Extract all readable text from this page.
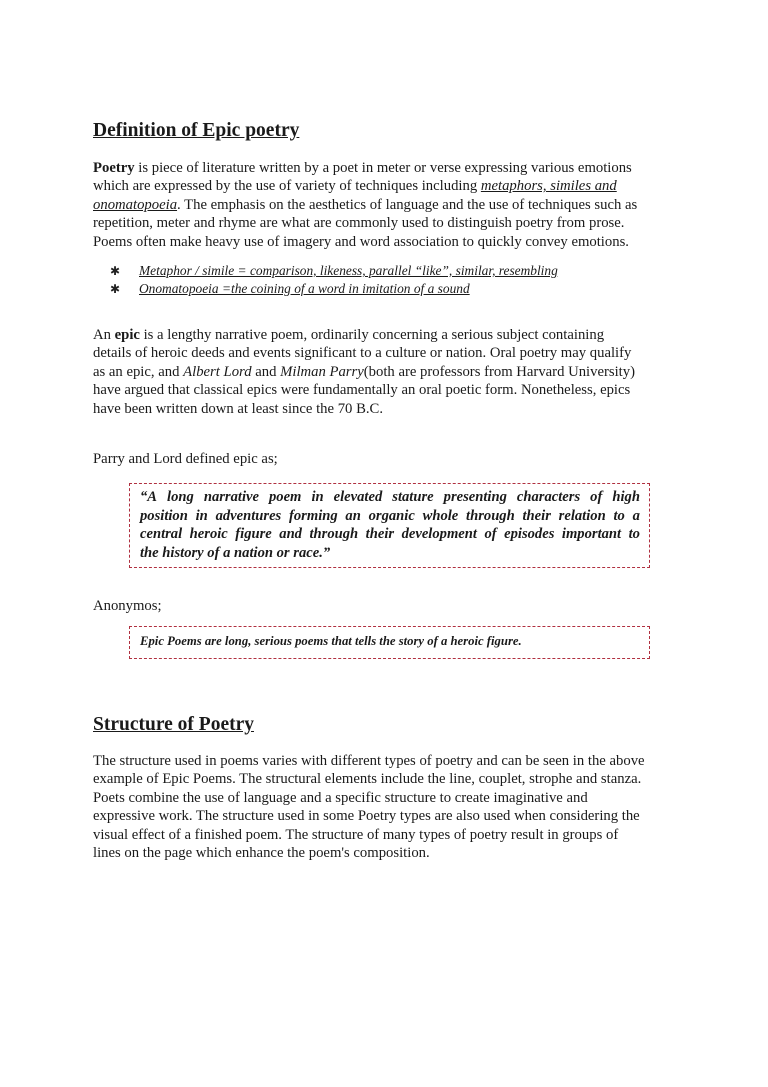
Definition of Epic poetry

Poetry is piece of literature written by a poet in meter or verse expressing various emotions
which are expressed by the use of variety of techniques including metaphors, similes and
onomatopoeia. The emphasis on the aesthetics of language and the use of techniques such as
repetition, meter and rhyme are what are commonly used to distinguish poetry from prose.
Poems often make heavy use of imagery and word association to quickly convey emotions.

✱	Metaphor / simile = comparison, likeness, parallel “like”, similar, resembling
✱	Onomatopoeia =the coining of a word in imitation of a sound

An epic is a lengthy narrative poem, ordinarily concerning a serious subject containing
details of heroic deeds and events significant to a culture or nation. Oral poetry may qualify
as an epic, and Albert Lord and Milman Parry(both are professors from Harvard University)
have argued that classical epics were fundamentally an oral poetic form. Nonetheless, epics
have been written down at least since the 70 B.C.

Parry and Lord defined epic as;
“A long narrative poem in elevated stature presenting characters of high
position in adventures forming an organic whole through their relation to a
central heroic figure and through their development of episodes important to
the history of a nation or race.”
Anonymos;
Epic Poems are long, serious poems that tells the story of a heroic figure.
Structure of Poetry

The structure used in poems varies with different types of poetry and can be seen in the above
example of Epic Poems. The structural elements include the line, couplet, strophe and stanza.
Poets combine the use of language and a specific structure to create imaginative and
expressive work. The structure used in some Poetry types are also used when considering the
visual effect of a finished poem. The structure of many types of poetry result in groups of
lines on the page which enhance the poem's composition.
